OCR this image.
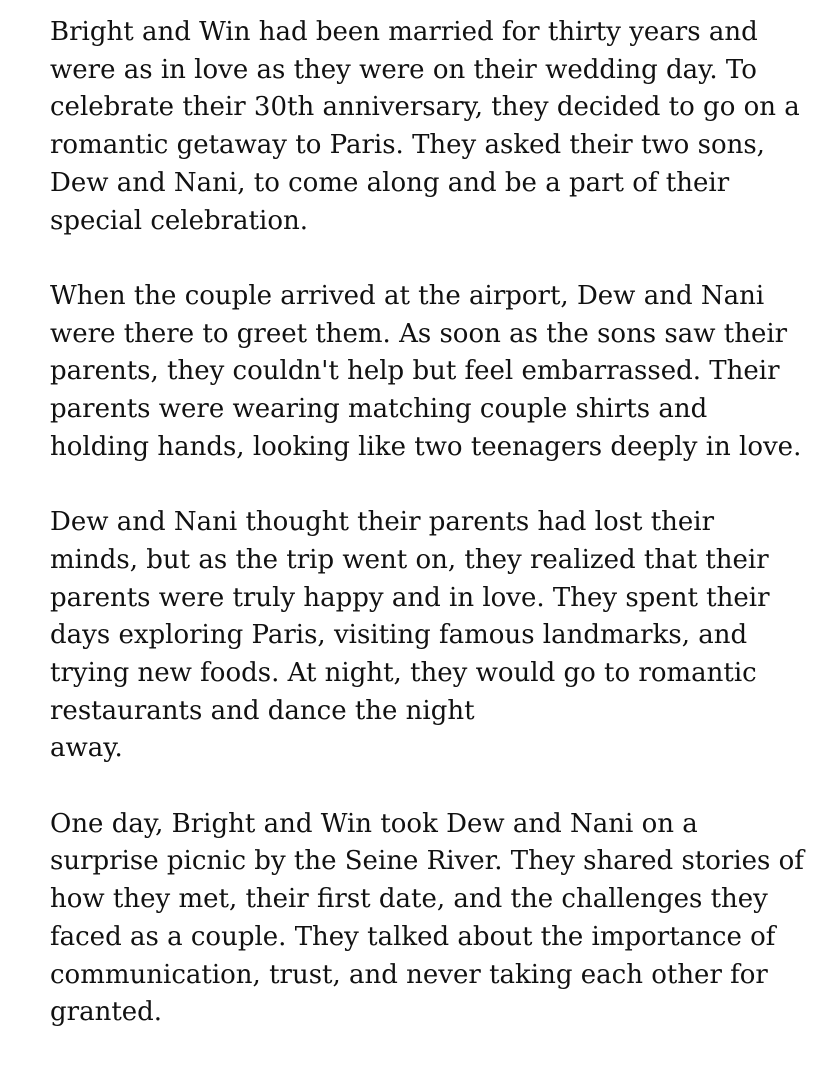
Bright and Win had been married for thirty years and
were as in love as they were on their wedding day. To
celebrate their 30th anniversary, they decided to go on a
romantic getaway to Paris. They asked their two sons,
Dew and Nani, to come along and be a part of their
special celebration.

When the couple arrived at the airport, Dew and Nani
were there to greet them. As soon as the sons saw their
parents, they couldn't help but feel embarrassed. Their
parents were wearing matching couple shirts and
holding hands, looking like two teenagers deeply in love.

Dew and Nani thought their parents had lost their
minds, but as the trip went on, they realized that their
parents were truly happy and in love. They spent their
days exploring Paris, visiting famous landmarks, and
trying new foods. At night, they would go to romantic
restaurants and dance the night
away.

One day, Bright and Win took Dew and Nani on a
surprise picnic by the Seine River. They shared stories of
how they met, their first date, and the challenges they
faced as a couple. They talked about the importance of
communication, trust, and never taking each other for
granted.
